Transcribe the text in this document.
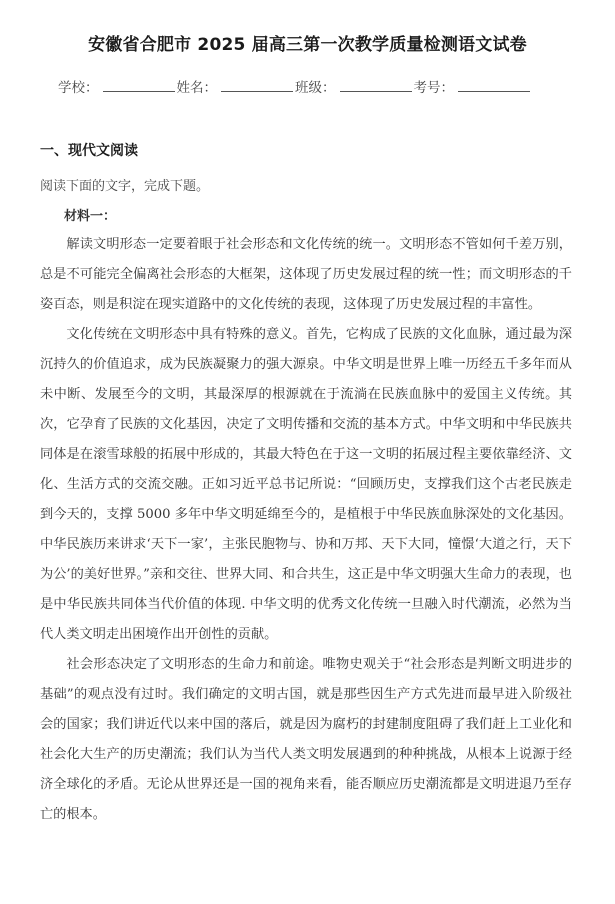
安徽省合肥市 2025 届高三第一次教学质量检测语文试卷
学校：	姓名：	班级：	考号：
一、现代文阅读
阅读下面的文字，完成下题。
材料一：

解读文明形态一定要着眼于社会形态和文化传统的统一。文明形态不管如何千差万别，总是不可能完全偏离社会形态的大框架，这体现了历史发展过程的统一性；而文明形态的千姿百态，则是积淀在现实道路中的文化传统的表现，这体现了历史发展过程的丰富性。

文化传统在文明形态中具有特殊的意义。首先，它构成了民族的文化血脉，通过最为深沉持久的价值追求，成为民族凝聚力的强大源泉。中华文明是世界上唯一历经五千多年而从未中断、发展至今的文明，其最深厚的根源就在于流淌在民族血脉中的爱国主义传统。其次，它孕育了民族的文化基因，决定了文明传播和交流的基本方式。中华文明和中华民族共同体是在滚雪球般的拓展中形成的，其最大特色在于这一文明的拓展过程主要依靠经济、文化、生活方式的交流交融。正如习近平总书记所说：“回顾历史，支撑我们这个古老民族走到今天的，支撑 5000 多年中华文明延绵至今的，是植根于中华民族血脉深处的文化基因。中华民族历来讲求‘天下一家’，主张民胞物与、协和万邦、天下大同，憧憬‘大道之行，天下为公’的美好世界。”亲和交往、世界大同、和合共生，这正是中华文明强大生命力的表现，也是中华民族共同体当代价值的体现. 中华文明的优秀文化传统一旦融入时代潮流，必然为当代人类文明走出困境作出开创性的贡献。

社会形态决定了文明形态的生命力和前途。唯物史观关于“社会形态是判断文明进步的基础”的观点没有过时。我们确定的文明古国，就是那些因生产方式先进而最早进入阶级社会的国家；我们讲近代以来中国的落后，就是因为腐朽的封建制度阻碍了我们赶上工业化和社会化大生产的历史潮流；我们认为当代人类文明发展遇到的种种挑战，从根本上说源于经济全球化的矛盾。无论从世界还是一国的视角来看，能否顺应历史潮流都是文明进退乃至存亡的根本。
